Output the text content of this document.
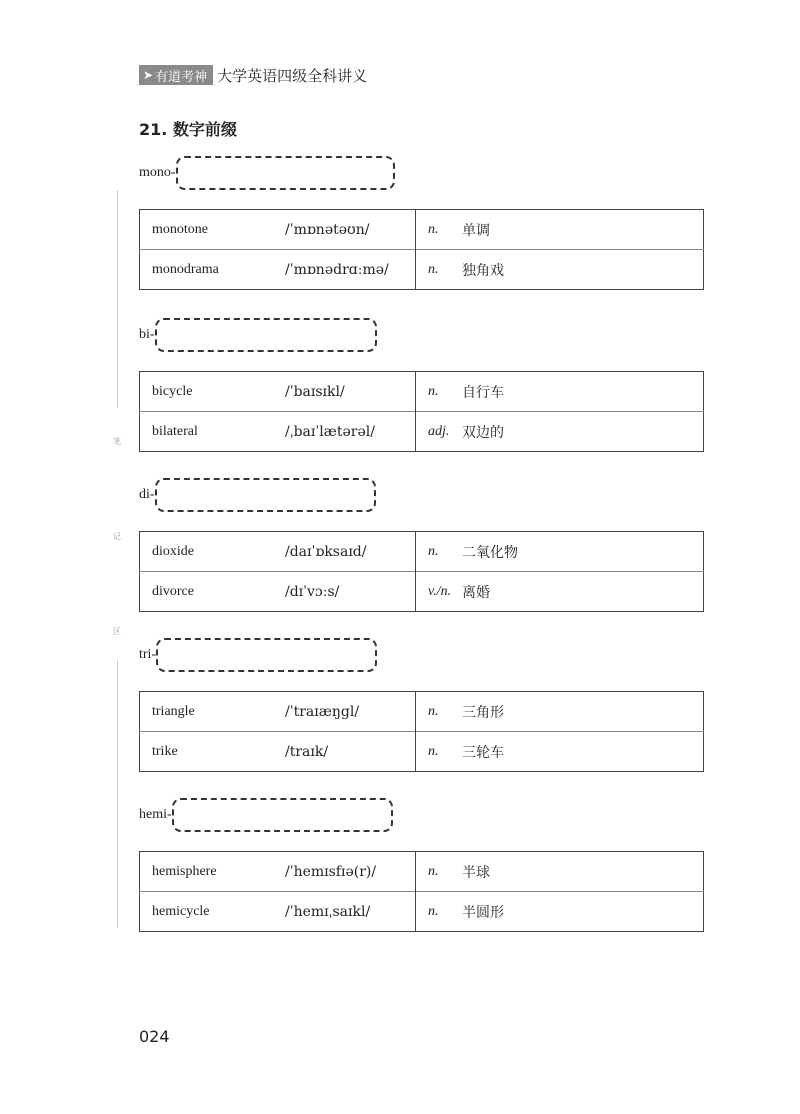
➤ 有道考神 大学英语四级全科讲义
21. 数字前缀
笔
记
区
mono-
monotone	/ˈmɒnətəʊn/	n.	单调
monodrama	/ˈmɒnədrɑːmə/	n.	独角戏
bi-
bicycle	/ˈbaɪsɪkl/	n.	自行车
bilateral	/ˌbaɪˈlætərəl/	adj.	双边的
di-
dioxide	/daɪˈɒksaɪd/	n.	二氧化物
divorce	/dɪˈvɔːs/	v./n.	离婚
tri-
triangle	/ˈtraɪæŋgl/	n.	三角形
trike	/traɪk/	n.	三轮车
hemi-
hemisphere	/ˈhemɪsfɪə(r)/	n.	半球
hemicycle	/ˈhemɪˌsaɪkl/	n.	半圆形
024
